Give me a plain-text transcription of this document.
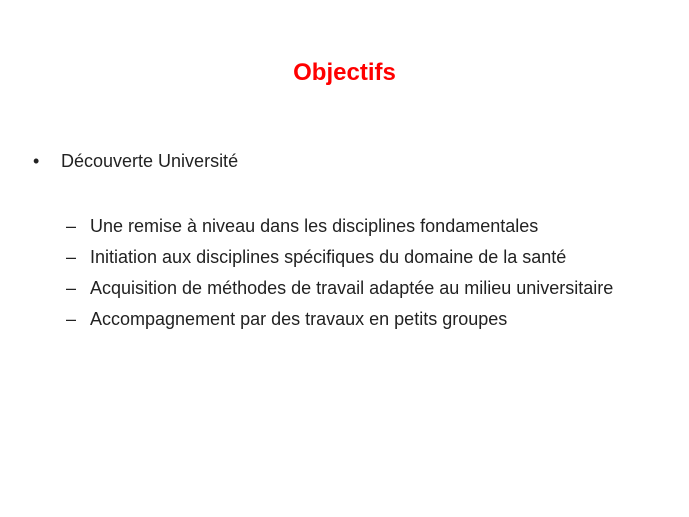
Objectifs
•	Découverte Université
– Une remise à niveau dans les disciplines fondamentales
– Initiation aux disciplines spécifiques du domaine de la santé
– Acquisition de méthodes de travail adaptée au milieu universitaire
– Accompagnement par des travaux en petits groupes
